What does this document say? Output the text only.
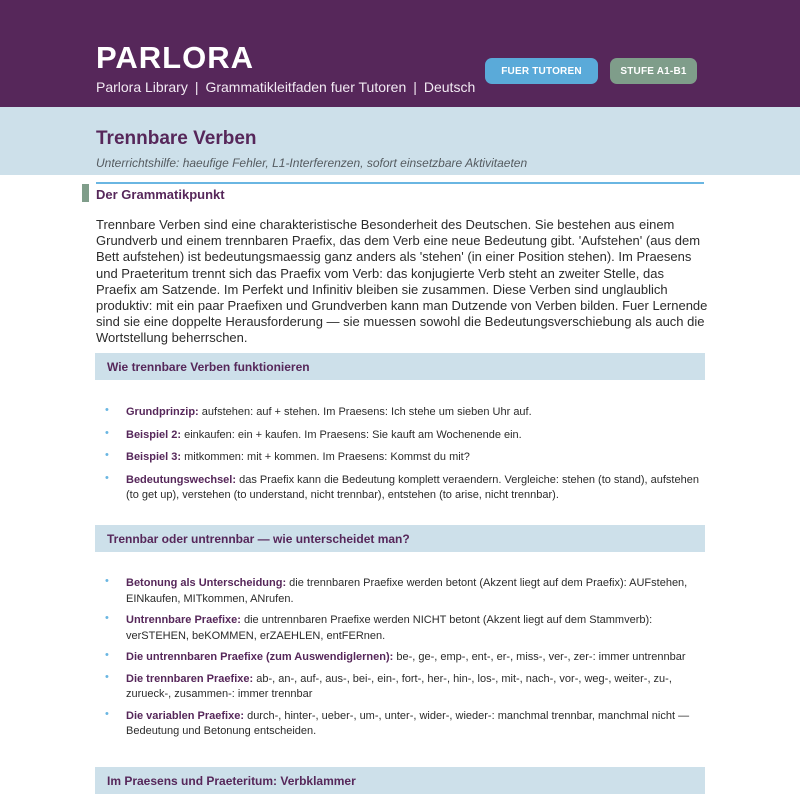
PARLORA
Parlora Library | Grammatikleitfaden fuer Tutoren | Deutsch
FUER TUTOREN	STUFE A1-B1
Trennbare Verben
Unterrichtshilfe: haeufige Fehler, L1-Interferenzen, sofort einsetzbare Aktivitaeten
Der Grammatikpunkt

Trennbare Verben sind eine charakteristische Besonderheit des Deutschen. Sie bestehen aus einem Grundverb und einem trennbaren Praefix, das dem Verb eine neue Bedeutung gibt. 'Aufstehen' (aus dem Bett aufstehen) ist bedeutungsmaessig ganz anders als 'stehen' (in einer Position stehen). Im Praesens und Praeteritum trennt sich das Praefix vom Verb: das konjugierte Verb steht an zweiter Stelle, das Praefix am Satzende. Im Perfekt und Infinitiv bleiben sie zusammen. Diese Verben sind unglaublich produktiv: mit ein paar Praefixen und Grundverben kann man Dutzende von Verben bilden. Fuer Lernende sind sie eine doppelte Herausforderung — sie muessen sowohl die Bedeutungsverschiebung als auch die Wortstellung beherrschen.

Wie trennbare Verben funktionieren
• Grundprinzip: aufstehen: auf + stehen. Im Praesens: Ich stehe um sieben Uhr auf.
• Beispiel 2: einkaufen: ein + kaufen. Im Praesens: Sie kauft am Wochenende ein.
• Beispiel 3: mitkommen: mit + kommen. Im Praesens: Kommst du mit?
• Bedeutungswechsel: das Praefix kann die Bedeutung komplett veraendern. Vergleiche: stehen (to stand), aufstehen (to get up), verstehen (to understand, nicht trennbar), entstehen (to arise, nicht trennbar).
Trennbar oder untrennbar — wie unterscheidet man?
• Betonung als Unterscheidung: die trennbaren Praefixe werden betont (Akzent liegt auf dem Praefix): AUFstehen, EINkaufen, MITkommen, ANrufen.
• Untrennbare Praefixe: die untrennbaren Praefixe werden NICHT betont (Akzent liegt auf dem Stammverb): verSTEHEN, beKOMMEN, erZAEHLEN, entFERnen.
• Die untrennbaren Praefixe (zum Auswendiglernen): be-, ge-, emp-, ent-, er-, miss-, ver-, zer-: immer untrennbar
• Die trennbaren Praefixe: ab-, an-, auf-, aus-, bei-, ein-, fort-, her-, hin-, los-, mit-, nach-, vor-, weg-, weiter-, zu-, zurueck-, zusammen-: immer trennbar
• Die variablen Praefixe: durch-, hinter-, ueber-, um-, unter-, wider-, wieder-: manchmal trennbar, manchmal nicht — Bedeutung und Betonung entscheiden.
Im Praesens und Praeteritum: Verbklammer
